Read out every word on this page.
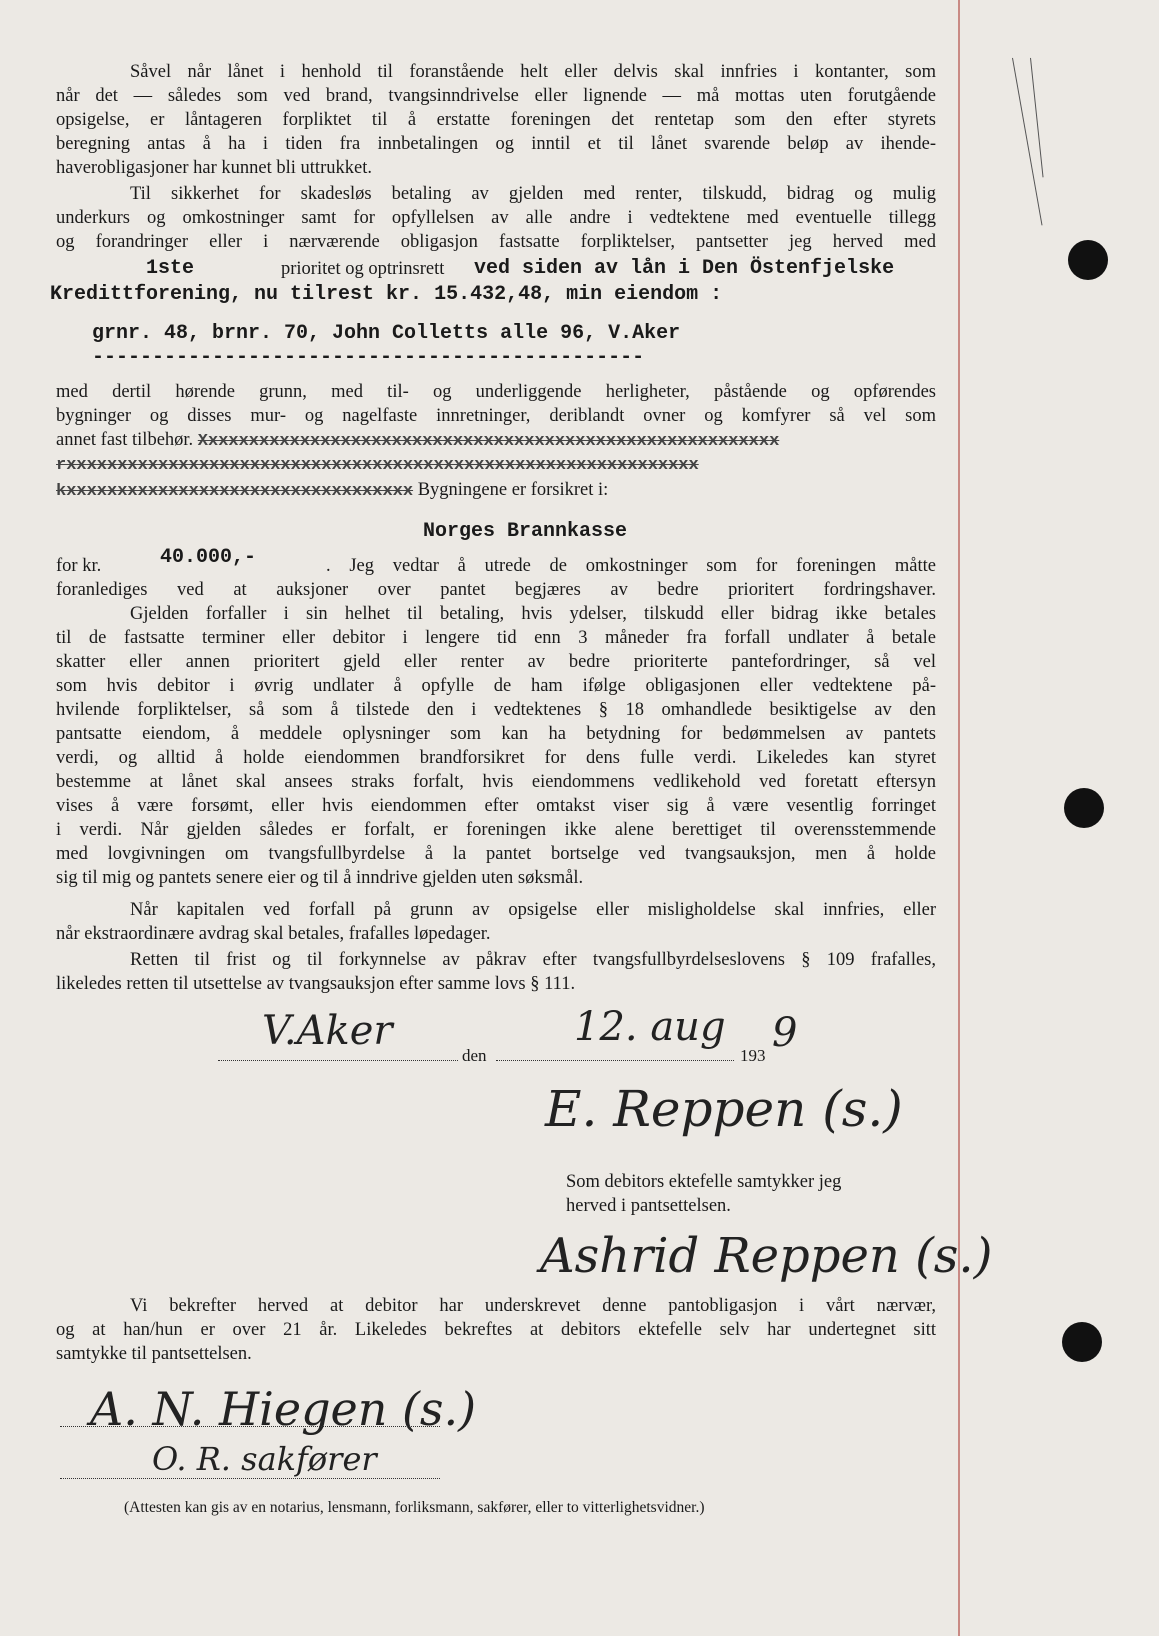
Såvel når lånet i henhold til foranstående helt eller delvis skal innfries i kontanter, som
når det — således som ved brand, tvangsinndrivelse eller lignende — må mottas uten forutgående
opsigelse, er låntageren forpliktet til å erstatte foreningen det rentetap som den efter styrets
beregning antas å ha i tiden fra innbetalingen og inntil et til lånet svarende beløp av ihende-
haverobligasjoner har kunnet bli uttrukket.
Til sikkerhet for skadesløs betaling av gjelden med renter, tilskudd, bidrag og mulig
underkurs og omkostninger samt for opfyllelsen av alle andre i vedtektene med eventuelle tillegg
og forandringer eller i nærværende obligasjon fastsatte forpliktelser, pantsetter jeg herved med
1ste	prioritet og optrinsrett ved siden av lån i Den Östenfjelske
Kredittforening, nu tilrest kr. 15.432,48, min eiendom :
grnr. 48, brnr. 70, John Colletts alle 96, V.Aker
----------------------------------------------
med dertil hørende grunn, med til- og underliggende herligheter, påstående og opførendes
bygninger og disses mur- og nagelfaste innretninger, deriblandt ovner og komfyrer så vel som
annet fast tilbehør. Xxxxxxxxxxxxxxxxxxxxxxxxxxxxxxxxxxxxxxxxxxxxxxxxxxxxxxxxx
rxxxxxxxxxxxxxxxxxxxxxxxxxxxxxxxxxxxxxxxxxxxxxxxxxxxxxxxxxxxxxx
kxxxxxxxxxxxxxxxxxxxxxxxxxxxxxxxxxx Bygningene er forsikret i:
Norges Brannkasse
for kr.	40.000,-	. Jeg vedtar å utrede de omkostninger som for foreningen måtte
foranlediges ved at auksjoner over pantet begjæres av bedre prioritert fordringshaver.
Gjelden forfaller i sin helhet til betaling, hvis ydelser, tilskudd eller bidrag ikke betales
til de fastsatte terminer eller debitor i lengere tid enn 3 måneder fra forfall undlater å betale
skatter eller annen prioritert gjeld eller renter av bedre prioriterte pantefordringer, så vel
som hvis debitor i øvrig undlater å opfylle de ham ifølge obligasjonen eller vedtektene på-
hvilende forpliktelser, så som å tilstede den i vedtektenes § 18 omhandlede besiktigelse av den
pantsatte eiendom, å meddele oplysninger som kan ha betydning for bedømmelsen av pantets
verdi, og alltid å holde eiendommen brandforsikret for dens fulle verdi. Likeledes kan styret
bestemme at lånet skal ansees straks forfalt, hvis eiendommens vedlikehold ved foretatt eftersyn
vises å være forsømt, eller hvis eiendommen efter omtakst viser sig å være vesentlig forringet
i verdi. Når gjelden således er forfalt, er foreningen ikke alene berettiget til overensstemmende
med lovgivningen om tvangsfullbyrdelse å la pantet bortselge ved tvangsauksjon, men å holde
sig til mig og pantets senere eier og til å inndrive gjelden uten søksmål.
Når kapitalen ved forfall på grunn av opsigelse eller misligholdelse skal innfries, eller
når ekstraordinære avdrag skal betales, frafalles løpedager.
Retten til frist og til forkynnelse av påkrav efter tvangsfullbyrdelseslovens § 109 frafalles,
likeledes retten til utsettelse av tvangsauksjon efter samme lovs § 111.
V.Aker
den
12. aug
193 9
E. Reppen (s.)
Som debitors ektefelle samtykker jeg
herved i pantsettelsen.
Ashrid Reppen (s.)
Vi bekrefter herved at debitor har underskrevet denne pantobligasjon i vårt nærvær,
og at han/hun er over 21 år. Likeledes bekreftes at debitors ektefelle selv har undertegnet sitt
samtykke til pantsettelsen.
A. N. Hiegen (s.)
O. R. sakfører
(Attesten kan gis av en notarius, lensmann, forliksmann, sakfører, eller to vitterlighetsvidner.)
